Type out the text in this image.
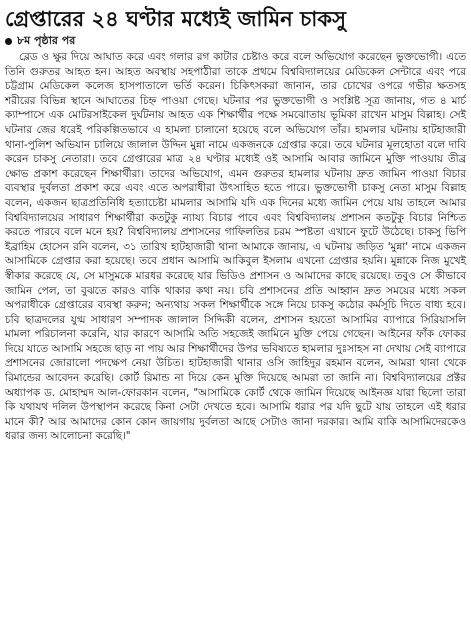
গ্রেপ্তারের ২৪ ঘণ্টার মধ্যেই জামিন চাকসু
৮ম পৃষ্ঠার পর

ব্লেড ও ক্ষুর দিয়ে আঘাত করে এবং গলার রগ কাটার চেষ্টাও করে বলে অভিযোগ করেছেন ভুক্তভোগী। এতে তিনি গুরুতর আহত হন। আহত অবস্থায় সহপাঠীরা তাকে প্রথমে বিশ্ববিদ্যালয়ের মেডিকেল সেন্টারে এবং পরে চট্টগ্রাম মেডিকেল কলেজ হাসপাতালে ভর্তি করেন। চিকিৎসকরা জানান, তার চোখের ওপরে গভীর ক্ষতসহ শরীরের বিভিন্ন স্থানে আঘাতের চিহ্ন পাওয়া গেছে। ঘটনার পর ভুক্তভোগী ও সংশ্লিষ্ট সূত্র জানায়, গত ৪ মার্চ ক্যাম্পাসে এক মোটরসাইকেল দুর্ঘটনায় আহত এক শিক্ষার্থীর পক্ষে সমঝোতায় ভূমিকা রাখেন মাসুম বিল্লাহ। সেই ঘটনার জের ধরেই পরিকল্পিতভাবে এ হামলা চালানো হয়েছে বলে অভিযোগ তাঁর। হামলার ঘটনায় হাটহাজারী থানা-পুলিশ অভিযান চালিয়ে জালাল উদ্দিন মুন্না নামে একজনকে গ্রেপ্তার করে। তবে ঘটনার মূলহোতা বলে দাবি করেন চাকসু নেতারা। তবে গ্রেপ্তারের মাত্র ২৪ ঘণ্টার মধ্যেই ওই আসামি আবার জামিনে মুক্তি পাওয়ায় তীব্র ক্ষোভ প্রকাশ করেছেন শিক্ষার্থীরা। তাদের অভিযোগ, এমন গুরুতর হামলার ঘটনায় দ্রুত জামিন পাওয়া বিচার ব্যবস্থার দুর্বলতা প্রকাশ করে এবং এতে অপরাধীরা উৎসাহিত হতে পারে। ভুক্তভোগী চাকসু নেতা মাসুম বিল্লাহ বলেন, একজন ছাত্রপ্রতিনিধি হত্যাচেষ্টা মামলার আসামি যদি এক দিনের মধ্যে জামিন পেয়ে যায় তাহলে আমার বিশ্ববিদ্যালয়ের সাধারণ শিক্ষার্থীরা কতটুকু ন্যায্য বিচার পাবে এবং বিশ্ববিদ্যালয় প্রশাসন কতটুকু বিচার নিশ্চিত করতে পারবে বলে মনে হয়? বিশ্ববিদ্যালয় প্রশাসনের গাফিলতির চরম স্পষ্টতা এখানে ফুটে উঠেছে। চাকসু ভিপি ইব্রাহিম হোসেন রনি বলেন, ৩১ তারিখ হাটহাজারী থানা আমাকে জানায়, এ ঘটনায় জড়িত 'মুন্না' নামে একজন আসামিকে গ্রেপ্তার করা হয়েছে। তবে প্রধান আসামি আকিবুল ইসলাম এখনো গ্রেপ্তার হয়নি। মুন্নাকে নিজ মুখেই স্বীকার করেছে যে, সে মাসুমকে মারধর করেছে যার ভিডিও প্রশাসন ও আমাদের কাছে রয়েছে। তবুও সে কীভাবে জামিন পেল, তা বুঝতে কারও বাকি থাকার কথা নয়। চবি প্রশাসনের প্রতি আহ্বান দ্রুত সময়ের মধ্যে সকল অপরাধীকে গ্রেপ্তারের ব্যবস্থা করুন; অন্যথায় সকল শিক্ষার্থীকে সঙ্গে নিয়ে চাকসু কঠোর কর্মসূচি দিতে বাধ্য হবে। চবি ছাত্রদলের যুগ্ম সাধারণ সম্পাদক জালাল সিদ্দিকী বলেন, প্রশাসন হয়তো আসামির ব্যাপারে সিরিয়াসলি মামলা পরিচালনা করেনি, যার কারণে আসামি অতি সহজেই জামিনে মুক্তি পেয়ে গেছেন। আইনের ফাঁক ফোকর দিয়ে যাতে আসামি সহজে ছাড় না পায় আর শিক্ষার্থীদের উপর ভবিষ্যতে হামলার দুঃসাহস না দেখায় সেই ব্যাপারে প্রশাসনের জোরালো পদক্ষেপ নেয়া উচিত। হাটহাজারী থানার ওসি জাহিদুর রহমান বলেন, আমরা থানা থেকে রিমান্ডের আবেদন করেছি। কোর্ট রিমান্ড না দিয়ে কেন মুক্তি দিয়েছে আমরা তা জানি না। বিশ্ববিদ্যালয়ের প্রক্টর অধ্যাপক ড. মোহাম্মদ আল-ফোরকান বলেন, "আসামিকে কোর্ট থেকে জামিন দিয়েছে আইনজ্ঞ যারা ছিলো তারা কি যথাযথ দলিল উপস্থাপন করেছে কিনা সেটা দেখতে হবে। আসামি ধরার পর যদি ছুটে যায় তাহলে এই ধরার মানে কী? আর আমাদের কোন কোন জায়গায় দুর্বলতা আছে সেটাও জানা দরকার। আমি বাকি আসামিদেরকেও ধরার জন্য আলোচনা করেছি।"
